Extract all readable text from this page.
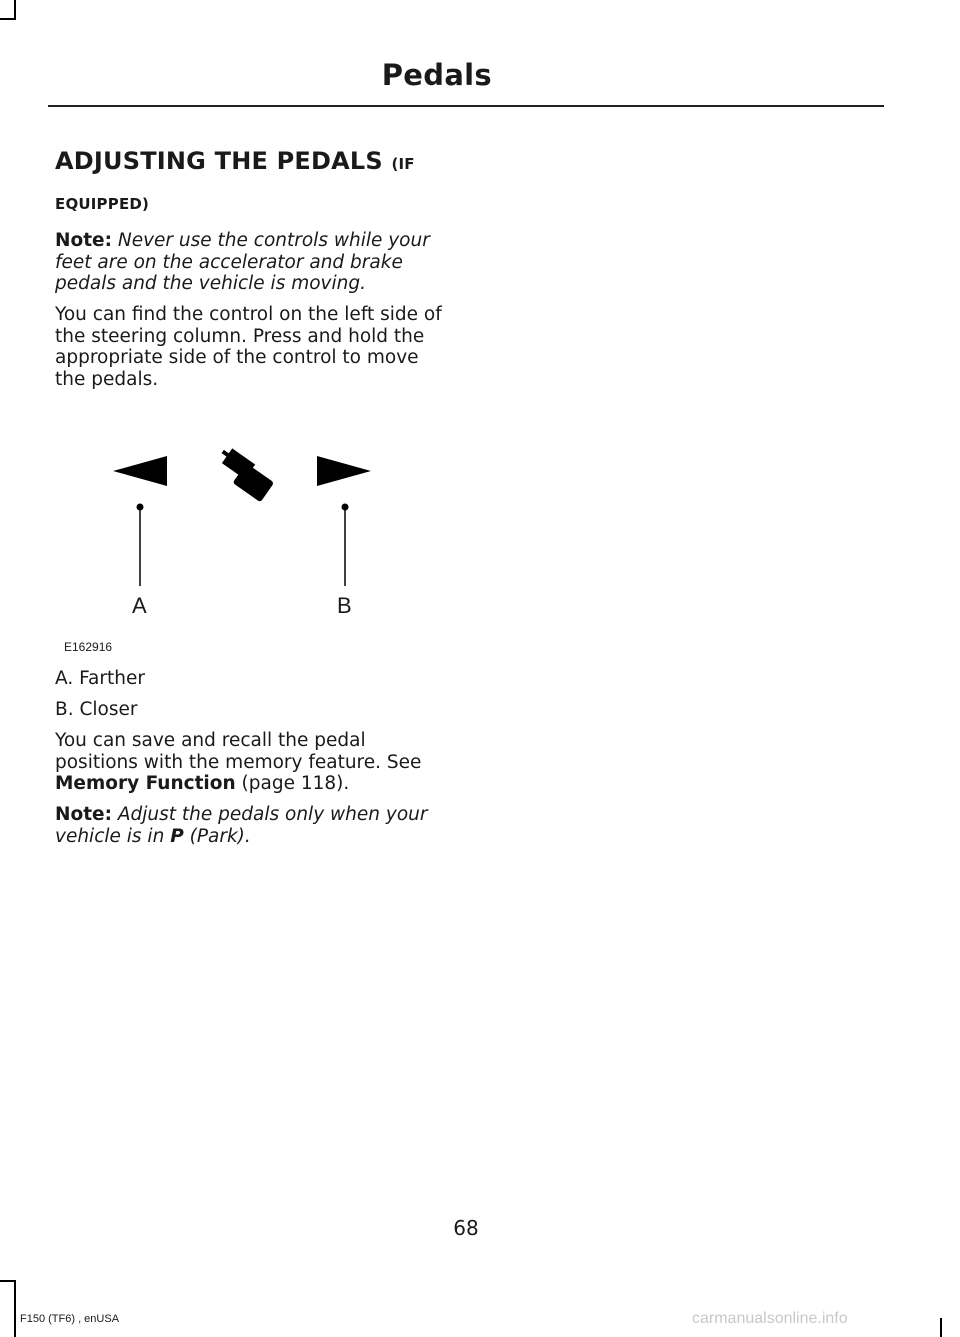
Pedals
ADJUSTING THE PEDALS (IF
EQUIPPED)

Note: Never use the controls while your feet are on the accelerator and brake pedals and the vehicle is moving.

You can find the control on the left side of the steering column. Press and hold the appropriate side of the control to move the pedals.

A	B
E162916

A. Farther

B. Closer

You can save and recall the pedal positions with the memory feature. See Memory Function (page 118).

Note: Adjust the pedals only when your vehicle is in P (Park).

68
F150 (TF6) , enUSA	carmanualsonline.info
